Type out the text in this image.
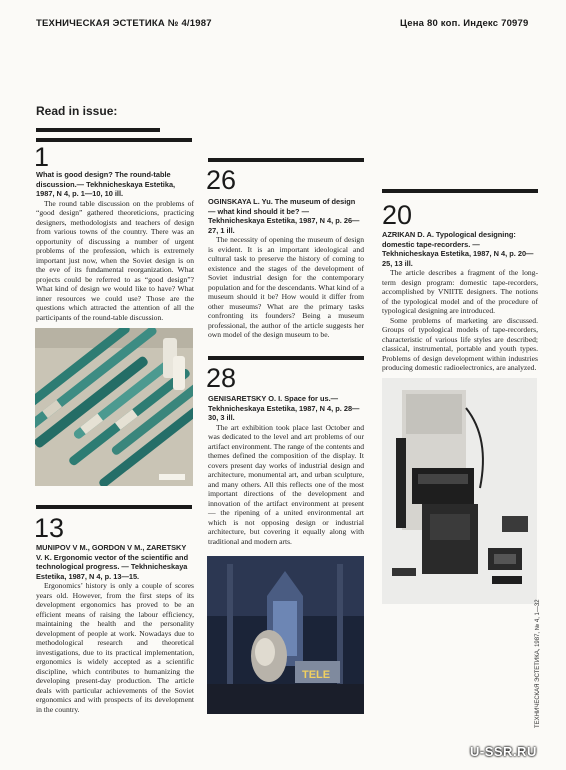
ТЕХНИЧЕСКАЯ ЭСТЕТИКА № 4/1987	Цена 80 коп. Индекс 70979
Read in issue:
1
What is good design? The round-table discussion.— Tekhnicheskaya Estetika, 1987, N 4, p. 1—10, 10 ill.

The round table discussion on the problems of “good design” gathered theoreticions, practicing designers, methodologists and teachers of design from various towns of the country. There was an opportunity of discussing a number of urgent problems of the profession, which is extremely important just now, when the Soviet design is on the eve of its fundamental reorganization. What projects could be referred to as “good design”? What kind of design we would like to have? What inner resources we could use? Those are the questions which attracted the attention of all the participants of the round-table discussion.

13
MUNIPOV V M., GORDON V M., ZARETSKY V. K. Ergonomic vector of the scientific and technological progress. — Tekhnicheskaya Estetika, 1987, N 4, p. 13—15.

Ergonomics’ history is only a couple of scores years old. However, from the first steps of its development ergonomics has proved to be an efficient means of raising the labour efficiency, maintaining the health and the personality development of people at work. Nowadays due to methodological research and theoretical investigations, due to its practical implementation, ergonomics is widely accepted as a scientific discipline, which contributes to humanizing the developing present-day production. The article deals with particular achievements of the Soviet ergonomics and with prospects of its development in the country.

26
OGINSKAYA L. Yu. The museum of design — what kind should it be? — Tekhnicheskaya Estetika, 1987, N 4, p. 26—27, 1 ill.

The necessity of opening the museum of design is evident. It is an important ideological and cultural task to preserve the history of coming to existence and the stages of the development of Soviet industrial design for the contemporary population and for the descendants. What kind of a museum should it be? How would it differ from other museums? What are the primary tasks confronting its founders? Being a museum professional, the author of the article suggests her own model of the design museum to be.

28
GENISARETSKY O. I. Space for us.— Tekhnicheskaya Estetika, 1987, N 4, p. 28—30, 3 ill.

The art exhibition took place last October and was dedicated to the level and art problems of our artifact environment. The range of the contents and themes defined the composition of the display. It covers present day works of industrial design and architecture, monumental art, and urban sculpture, and many others. All this reflects one of the most important directions of the development and innovation of the artifact environment at present — the ripening of a united environmental art which is not opposing design or industrial architecture, but covering it equally along with traditional and modern arts.

TELE
20
AZRIKAN D. A. Typological designing: domestic tape-recorders. — Tekhnicheskaya Estetika, 1987, N 4, p. 20—25, 13 ill.

The article describes a fragment of the long-term design program: domestic tape-recorders, accomplished by VNIITE designers. The notions of the typological model and of the procedure of typological designing are introduced.

Some problems of marketing are discussed. Groups of typological models of tape-recorders, characteristic of various life styles are described; classical, instrumental, portable and youth types. Problems of design development within industries producing domestic radioelectronics, are analyzed.

ТЕХНИЧЕСКАЯ ЭСТЕТИКА, 1987, № 4, 1—32
U-SSR.RU
